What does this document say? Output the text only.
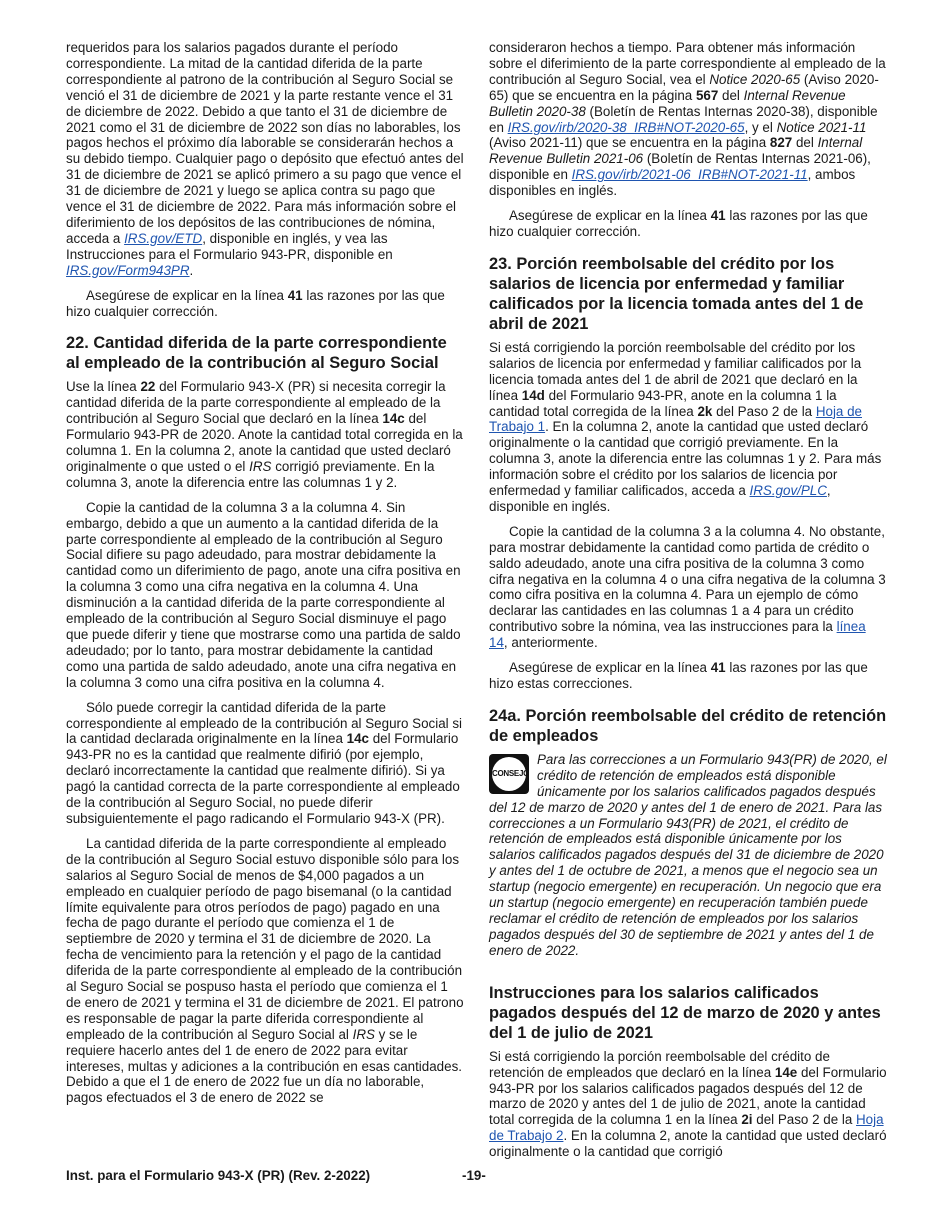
requeridos para los salarios pagados durante el período correspondiente. La mitad de la cantidad diferida de la parte correspondiente al patrono de la contribución al Seguro Social se venció el 31 de diciembre de 2021 y la parte restante vence el 31 de diciembre de 2022. Debido a que tanto el 31 de diciembre de 2021 como el 31 de diciembre de 2022 son días no laborables, los pagos hechos el próximo día laborable se considerarán hechos a su debido tiempo. Cualquier pago o depósito que efectuó antes del 31 de diciembre de 2021 se aplicó primero a su pago que vence el 31 de diciembre de 2021 y luego se aplica contra su pago que vence el 31 de diciembre de 2022. Para más información sobre el diferimiento de los depósitos de las contribuciones de nómina, acceda a IRS.gov/ETD, disponible en inglés, y vea las Instrucciones para el Formulario 943-PR, disponible en IRS.gov/Form943PR.

Asegúrese de explicar en la línea 41 las razones por las que hizo cualquier corrección.

22. Cantidad diferida de la parte correspondiente al empleado de la contribución al Seguro Social

Use la línea 22 del Formulario 943-X (PR) si necesita corregir la cantidad diferida de la parte correspondiente al empleado de la contribución al Seguro Social que declaró en la línea 14c del Formulario 943-PR de 2020. Anote la cantidad total corregida en la columna 1. En la columna 2, anote la cantidad que usted declaró originalmente o que usted o el IRS corrigió previamente. En la columna 3, anote la diferencia entre las columnas 1 y 2.

Copie la cantidad de la columna 3 a la columna 4. Sin embargo, debido a que un aumento a la cantidad diferida de la parte correspondiente al empleado de la contribución al Seguro Social difiere su pago adeudado, para mostrar debidamente la cantidad como un diferimiento de pago, anote una cifra positiva en la columna 3 como una cifra negativa en la columna 4. Una disminución a la cantidad diferida de la parte correspondiente al empleado de la contribución al Seguro Social disminuye el pago que puede diferir y tiene que mostrarse como una partida de saldo adeudado; por lo tanto, para mostrar debidamente la cantidad como una partida de saldo adeudado, anote una cifra negativa en la columna 3 como una cifra positiva en la columna 4.

Sólo puede corregir la cantidad diferida de la parte correspondiente al empleado de la contribución al Seguro Social si la cantidad declarada originalmente en la línea 14c del Formulario 943-PR no es la cantidad que realmente difirió (por ejemplo, declaró incorrectamente la cantidad que realmente difirió). Si ya pagó la cantidad correcta de la parte correspondiente al empleado de la contribución al Seguro Social, no puede diferir subsiguientemente el pago radicando el Formulario 943-X (PR).

La cantidad diferida de la parte correspondiente al empleado de la contribución al Seguro Social estuvo disponible sólo para los salarios al Seguro Social de menos de $4,000 pagados a un empleado en cualquier período de pago bisemanal (o la cantidad límite equivalente para otros períodos de pago) pagado en una fecha de pago durante el período que comienza el 1 de septiembre de 2020 y termina el 31 de diciembre de 2020. La fecha de vencimiento para la retención y el pago de la cantidad diferida de la parte correspondiente al empleado de la contribución al Seguro Social se pospuso hasta el período que comienza el 1 de enero de 2021 y termina el 31 de diciembre de 2021. El patrono es responsable de pagar la parte diferida correspondiente al empleado de la contribución al Seguro Social al IRS y se le requiere hacerlo antes del 1 de enero de 2022 para evitar intereses, multas y adiciones a la contribución en esas cantidades. Debido a que el 1 de enero de 2022 fue un día no laborable, pagos efectuados el 3 de enero de 2022 se

consideraron hechos a tiempo. Para obtener más información sobre el diferimiento de la parte correspondiente al empleado de la contribución al Seguro Social, vea el Notice 2020-65 (Aviso 2020-65) que se encuentra en la página 567 del Internal Revenue Bulletin 2020-38 (Boletín de Rentas Internas 2020-38), disponible en IRS.gov/irb/2020-38_IRB#NOT-2020-65, y el Notice 2021-11 (Aviso 2021-11) que se encuentra en la página 827 del Internal Revenue Bulletin 2021-06 (Boletín de Rentas Internas 2021-06), disponible en IRS.gov/irb/2021-06_IRB#NOT-2021-11, ambos disponibles en inglés.

Asegúrese de explicar en la línea 41 las razones por las que hizo cualquier corrección.

23. Porción reembolsable del crédito por los salarios de licencia por enfermedad y familiar calificados por la licencia tomada antes del 1 de abril de 2021

Si está corrigiendo la porción reembolsable del crédito por los salarios de licencia por enfermedad y familiar calificados por la licencia tomada antes del 1 de abril de 2021 que declaró en la línea 14d del Formulario 943-PR, anote en la columna 1 la cantidad total corregida de la línea 2k del Paso 2 de la Hoja de Trabajo 1. En la columna 2, anote la cantidad que usted declaró originalmente o la cantidad que corrigió previamente. En la columna 3, anote la diferencia entre las columnas 1 y 2. Para más información sobre el crédito por los salarios de licencia por enfermedad y familiar calificados, acceda a IRS.gov/PLC, disponible en inglés.

Copie la cantidad de la columna 3 a la columna 4. No obstante, para mostrar debidamente la cantidad como partida de crédito o saldo adeudado, anote una cifra positiva de la columna 3 como cifra negativa en la columna 4 o una cifra negativa de la columna 3 como cifra positiva en la columna 4. Para un ejemplo de cómo declarar las cantidades en las columnas 1 a 4 para un crédito contributivo sobre la nómina, vea las instrucciones para la línea 14, anteriormente.

Asegúrese de explicar en la línea 41 las razones por las que hizo estas correcciones.

24a. Porción reembolsable del crédito de retención de empleados
CONSEJO
Para las correcciones a un Formulario 943(PR) de 2020, el crédito de retención de empleados está disponible únicamente por los salarios calificados pagados después del 12 de marzo de 2020 y antes del 1 de enero de 2021. Para las correcciones a un Formulario 943(PR) de 2021, el crédito de retención de empleados está disponible únicamente por los salarios calificados pagados después del 31 de diciembre de 2020 y antes del 1 de octubre de 2021, a menos que el negocio sea un startup (negocio emergente) en recuperación. Un negocio que era un startup (negocio emergente) en recuperación también puede reclamar el crédito de retención de empleados por los salarios pagados después del 30 de septiembre de 2021 y antes del 1 de enero de 2022.
Instrucciones para los salarios calificados pagados después del 12 de marzo de 2020 y antes del 1 de julio de 2021

Si está corrigiendo la porción reembolsable del crédito de retención de empleados que declaró en la línea 14e del Formulario 943-PR por los salarios calificados pagados después del 12 de marzo de 2020 y antes del 1 de julio de 2021, anote la cantidad total corregida de la columna 1 en la línea 2i del Paso 2 de la Hoja de Trabajo 2. En la columna 2, anote la cantidad que usted declaró originalmente o la cantidad que corrigió

Inst. para el Formulario 943-X (PR) (Rev. 2-2022)	-19-
